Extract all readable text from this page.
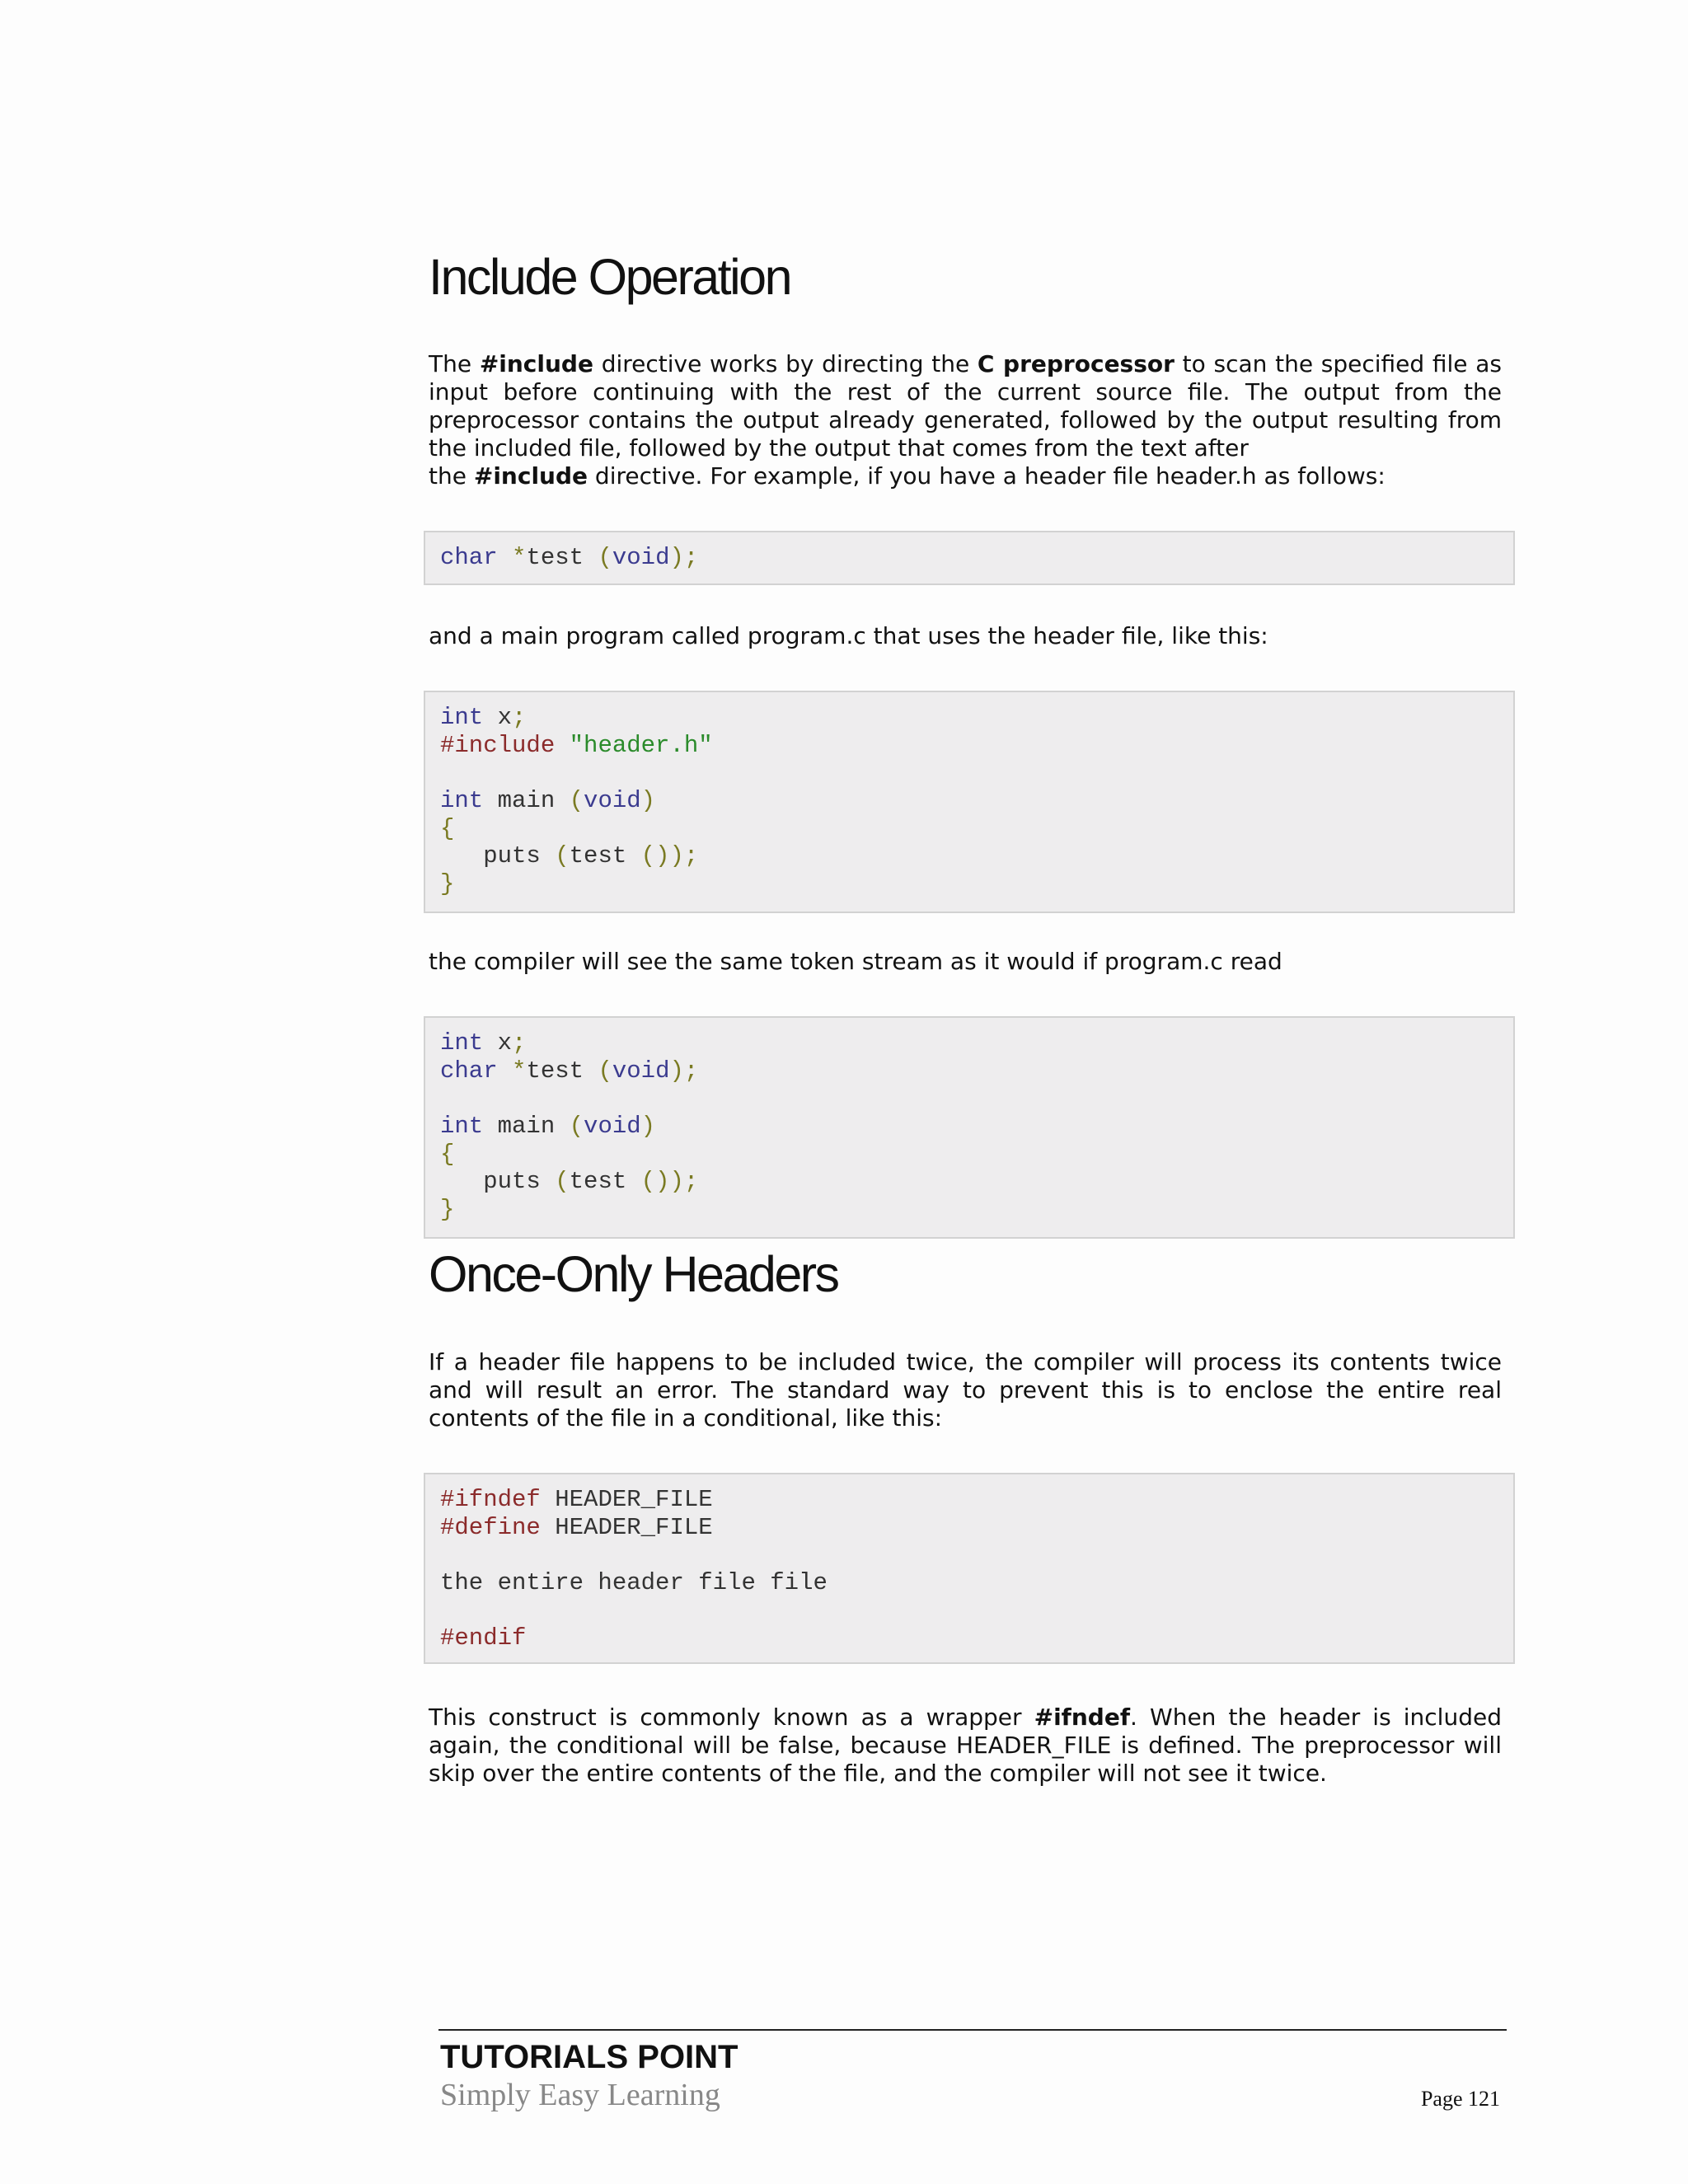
Include Operation

The #include directive works by directing the C preprocessor to scan the specified file as input before continuing with the rest of the current source file. The output from the preprocessor contains the output already generated, followed by the output resulting from the included file, followed by the output that comes from the text after

the #include directive. For example, if you have a header file header.h as follows:

char *test (void);

and a main program called program.c that uses the header file, like this:

int x;
#include "header.h"
int main (void)
{
puts (test ());
}

the compiler will see the same token stream as it would if program.c read

int x;
char *test (void);
int main (void)
{
puts (test ());
}
Once-Only Headers

If a header file happens to be included twice, the compiler will process its contents twice and will result an error. The standard way to prevent this is to enclose the entire real contents of the file in a conditional, like this:

#ifndef HEADER_FILE
#define HEADER_FILE
the entire header file file
#endif

This construct is commonly known as a wrapper #ifndef. When the header is included again, the conditional will be false, because HEADER_FILE is defined. The preprocessor will skip over the entire contents of the file, and the compiler will not see it twice.

TUTORIALS POINT
Simply Easy Learning	Page 121
